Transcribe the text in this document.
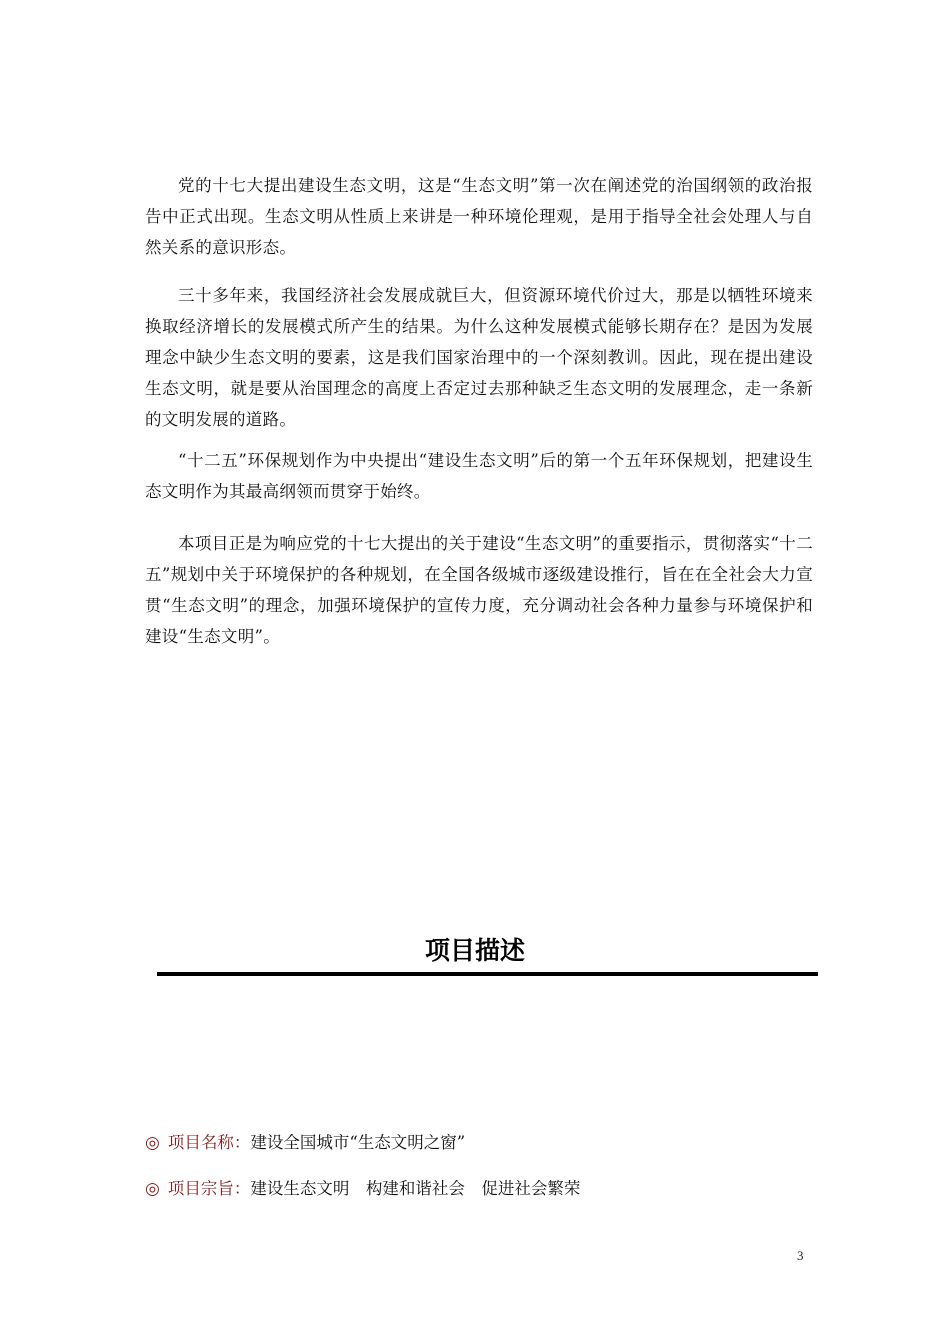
党的十七大提出建设生态文明，这是“生态文明”第一次在阐述党的治国纲领的政治报告中正式出现。生态文明从性质上来讲是一种环境伦理观，是用于指导全社会处理人与自然关系的意识形态。

三十多年来，我国经济社会发展成就巨大，但资源环境代价过大，那是以牺牲环境来换取经济增长的发展模式所产生的结果。为什么这种发展模式能够长期存在？是因为发展理念中缺少生态文明的要素，这是我们国家治理中的一个深刻教训。因此，现在提出建设生态文明，就是要从治国理念的高度上否定过去那种缺乏生态文明的发展理念，走一条新的文明发展的道路。

“十二五”环保规划作为中央提出“建设生态文明”后的第一个五年环保规划，把建设生态文明作为其最高纲领而贯穿于始终。

本项目正是为响应党的十七大提出的关于建设“生态文明”的重要指示，贯彻落实“十二五”规划中关于环境保护的各种规划，在全国各级城市逐级建设推行，旨在在全社会大力宣贯“生态文明”的理念，加强环境保护的宣传力度，充分调动社会各种力量参与环境保护和建设“生态文明”。

项目描述
◎ 项目名称：建设全国城市“生态文明之窗”
◎ 项目宗旨：建设生态文明　构建和谐社会　促进社会繁荣
3
